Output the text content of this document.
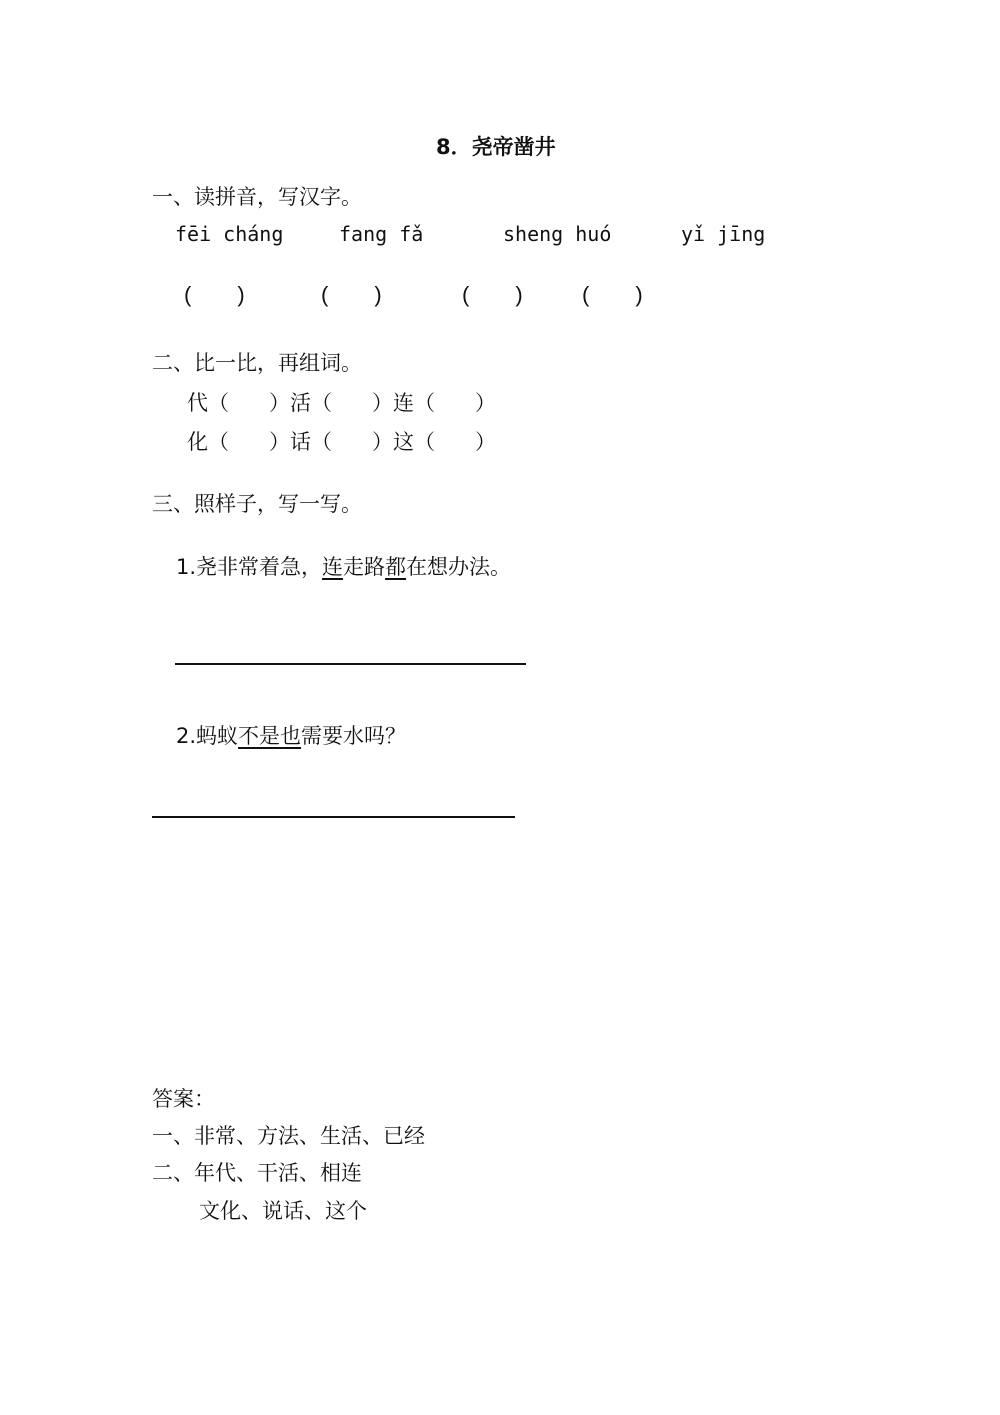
8．尧帝凿井
一、读拼音，写汉字。
fēi cháng	fang fǎ	sheng huó	yǐ jīng
( )	( )	( )	( )
二、比一比，再组词。
代（ ）活（ ）连（ ）
化（ ）话（ ）这（ ）
三、照样子，写一写。
1.尧非常着急，连走路都在想办法。
2.蚂蚁不是也需要水吗？
答案：
一、非常、方法、生活、已经
二、年代、干活、相连
文化、说话、这个
